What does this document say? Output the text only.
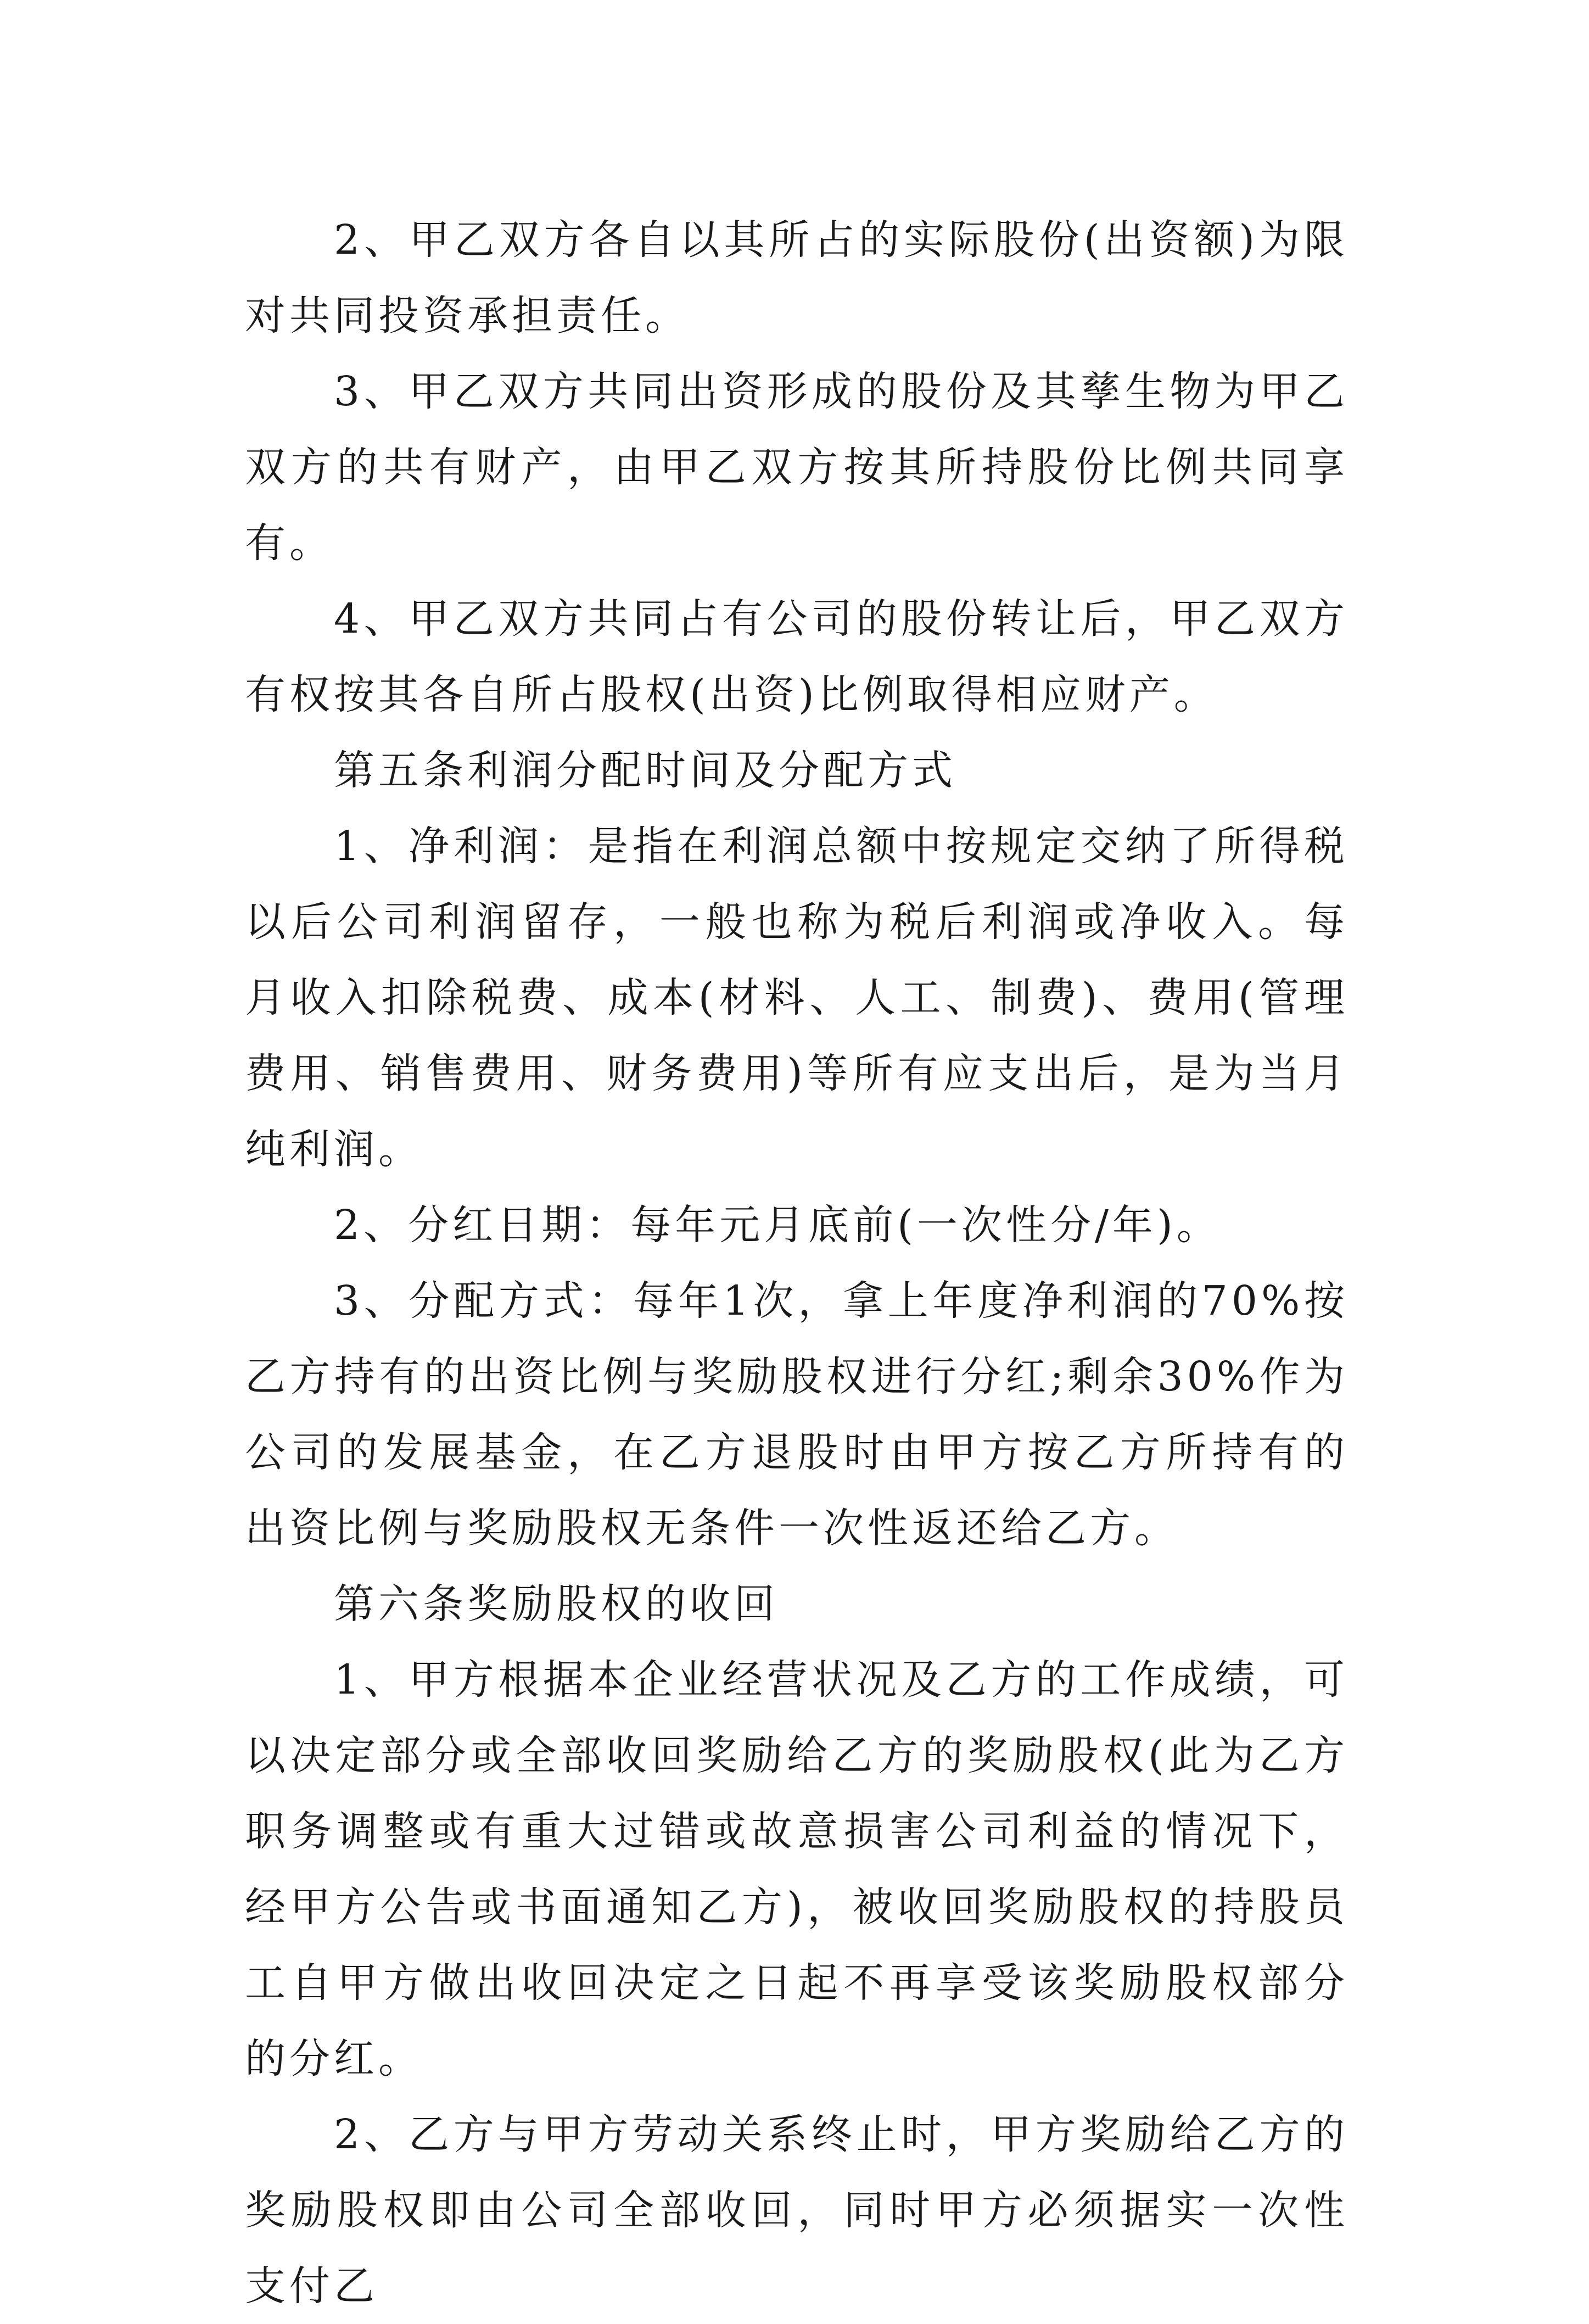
2、甲乙双方各自以其所占的实际股份(出资额)为限对共同投资承担责任。

3、甲乙双方共同出资形成的股份及其孳生物为甲乙双方的共有财产，由甲乙双方按其所持股份比例共同享有。

4、甲乙双方共同占有公司的股份转让后，甲乙双方有权按其各自所占股权(出资)比例取得相应财产。

第五条利润分配时间及分配方式

1、净利润：是指在利润总额中按规定交纳了所得税以后公司利润留存，一般也称为税后利润或净收入。每月收入扣除税费、成本(材料、人工、制费)、费用(管理费用、销售费用、财务费用)等所有应支出后，是为当月纯利润。

2、分红日期：每年元月底前(一次性分/年)。

3、分配方式：每年1次，拿上年度净利润的70%按乙方持有的出资比例与奖励股权进行分红;剩余30%作为公司的发展基金，在乙方退股时由甲方按乙方所持有的出资比例与奖励股权无条件一次性返还给乙方。

第六条奖励股权的收回

1、甲方根据本企业经营状况及乙方的工作成绩，可以决定部分或全部收回奖励给乙方的奖励股权(此为乙方职务调整或有重大过错或故意损害公司利益的情况下，经甲方公告或书面通知乙方)，被收回奖励股权的持股员工自甲方做出收回决定之日起不再享受该奖励股权部分的分红。

2、乙方与甲方劳动关系终止时，甲方奖励给乙方的奖励股权即由公司全部收回，同时甲方必须据实一次性支付乙
